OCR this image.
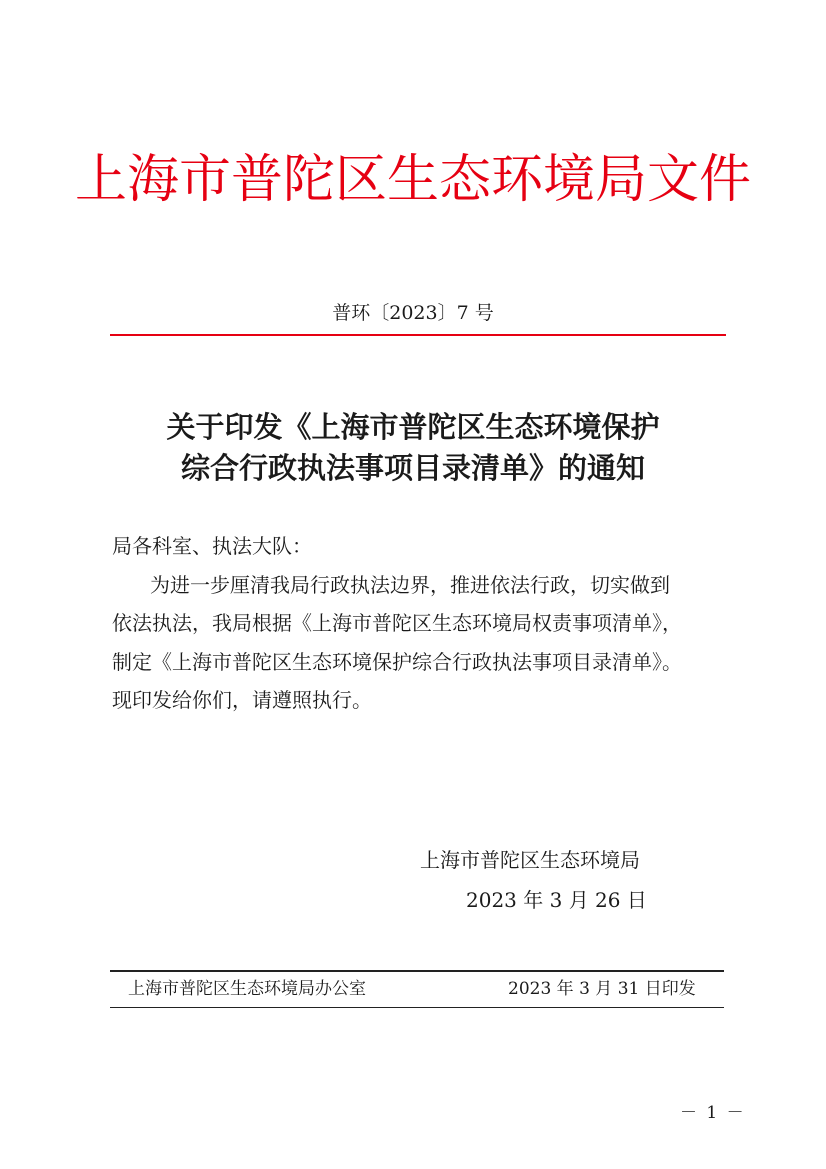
上海市普陀区生态环境局文件
普环〔2023〕7 号
关于印发《上海市普陀区生态环境保护
综合行政执法事项目录清单》的通知
局各科室、执法大队：
为进一步厘清我局行政执法边界，推进依法行政，切实做到
依法执法，我局根据《上海市普陀区生态环境局权责事项清单》，
制定《上海市普陀区生态环境保护综合行政执法事项目录清单》。
现印发给你们，请遵照执行。
上海市普陀区生态环境局
2023 年 3 月 26 日
上海市普陀区生态环境局办公室	2023 年 3 月 31 日印发
－ 1 －
